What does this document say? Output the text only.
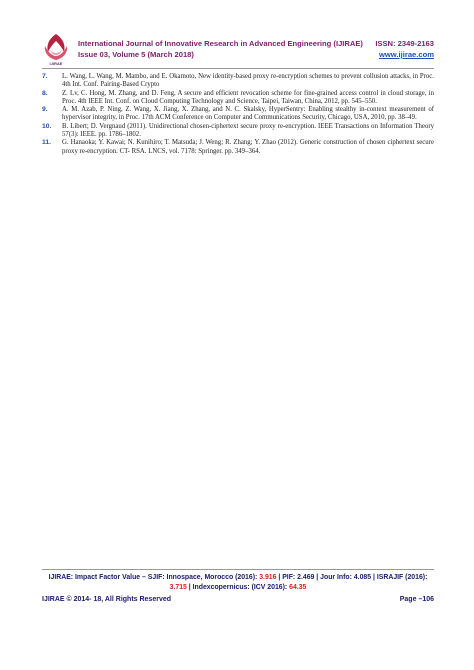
IJIRAE
International Journal of Innovative Research in Advanced Engineering (IJIRAE) ISSN: 2349-2163
Issue 03, Volume 5 (March 2018)	www.ijirae.com
7. L. Wang, L. Wang, M. Mambo, and E. Okamoto, New identity-based proxy re-encryption schemes to prevent collusion attacks, in Proc. 4th Int. Conf. Pairing-Based Crypto
8. Z. Lv, C. Hong, M. Zhang, and D. Feng, A secure and efficient revocation scheme for fine-grained access control in cloud storage, in Proc. 4th IEEE Int. Conf. on Cloud Computing Technology and Science, Taipei, Taiwan, China, 2012, pp. 545–550.
9. A. M. Azab, P. Ning, Z. Wang, X. Jiang, X. Zhang, and N. C. Skalsky, HyperSentry: Enabling stealthy in-context measurement of hypervisor integrity, in Proc. 17th ACM Conference on Computer and Communications Security, Chicago, USA, 2010, pp. 38–49.
10. B. Libert; D. Vergnaud (2011). Unidirectional chosen-ciphertext secure proxy re-encryption. IEEE Transactions on Information Theory 57(3): IEEE. pp. 1786–1802.
11. G. Hanaoka; Y. Kawai; N. Kunihiro; T. Matsuda; J. Weng; R. Zhang; Y. Zhao (2012). Generic construction of chosen ciphertext secure proxy re-encryption. CT- RSA. LNCS, vol. 7178: Springer. pp. 349–364.
IJIRAE: Impact Factor Value – SJIF: Innospace, Morocco (2016): 3.916 | PIF: 2.469 | Jour Info: 4.085 | ISRAJIF (2016): 3.715 | Indexcopernicus: (ICV 2016): 64.35
IJIRAE © 2014- 18, All Rights Reserved	Page –106
